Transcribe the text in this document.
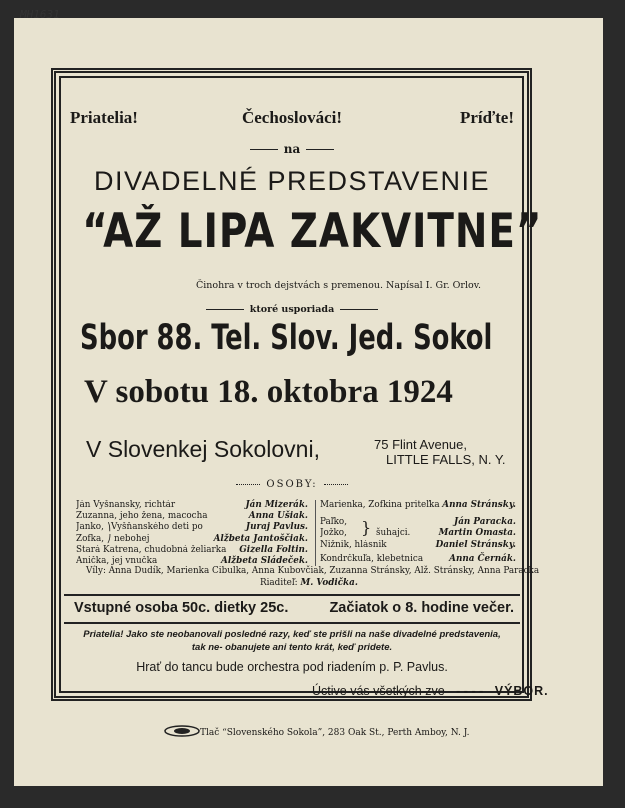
MH1631
Priatelia!	Čechoslováci!	Príďte!
na
DIVADELNÉ PREDSTAVENIE
“AŽ LIPA ZAKVITNE”
Činohra v troch dejstvách s premenou. Napísal I. Gr. Orlov.
ktoré usporiada
Sbor 88. Tel. Slov. Jed. Sokol
V sobotu 18. oktobra 1924
V Slovenkej Sokolovni,	75 Flint Avenue,
LITTLE FALLS, N. Y.
OSOBY:
Ján Vyšnansky, richtár	Ján Mizerák.
Zuzanna, jeho žena, macocha	Anna Ušiak.
Janko, ⎞Vyšňanského deti po	Juraj Pavlus.
Žofka, ⎠ nebohej	Alžbeta Jantoščiak.
Stará Katrena, chudobná želiarka	Gizella Foltin.
Anička, jej vnučka	Alžbeta Sládeček.
Marienka, Žofkina priteľka Anna Stránsky.
Paľko,	Ján Paracka.
Jožko,	Martin Omasta.
Nižnik, hlásnik	Daniel Stránsky.
Kondrčkuľa, klebetnica	Anna Černák.
} šuhajci.
Víly: Anna Dudík, Marienka Cibulka, Anna Kubovčiak, Zuzanna Stránsky, Alž. Stránsky, Anna Paracka
Riaditeľ: M. Vodička.
Vstupné osoba 50c. dietky 25c.	Začiatok o 8. hodine večer.
Priatelia! Jako ste neobanovali posledné razy, keď ste prišli na naše divadelné predstavenia, tak ne- obanujete ani tento krát, keď pridete.
Hrať do tancu bude orchestra pod riadením p. P. Pavlus.
Úctive vás všetkých zve - - - - VÝBOR.
Tlač “Slovenského Sokola”, 283 Oak St., Perth Amboy, N. J.
